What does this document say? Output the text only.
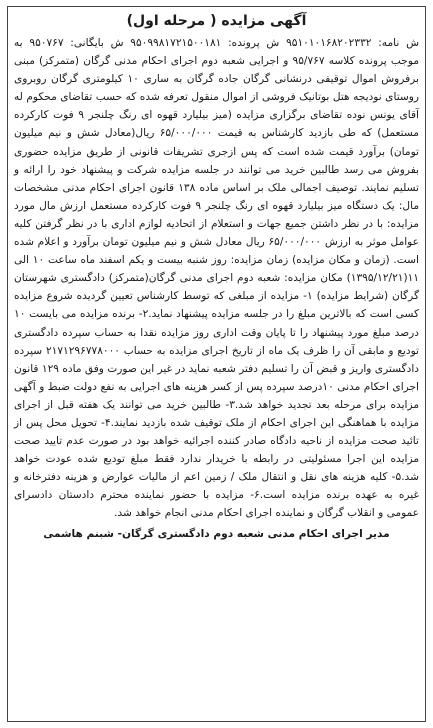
آگهی مزایده ( مرحله اول)

ش نامه: ۹۵۱۰۱۰۱۶۸۲۰۲۳۳۲ ش پرونده: ۹۵۰۹۹۸۱۷۲۱۵۰۰۱۸۱ ش بایگانی: ۹۵۰۷۶۷ به موجب پرونده کلاسه ۹۵/۷۶۷ و اجرایی شعبه دوم اجرای احکام مدنی گرگان (متمرکز) مبنی برفروش اموال توقیفی درنشانی گرگان جاده گرگان به ساری ۱۰ کیلومتری گرگان روبروی روستای نودیجه هتل بوتانیک فروشی از اموال منقول تعرفه شده که حسب تقاضای محکوم له آقای یونس نوده تقاضای برگزاری مزایده (میز بیلیارد قهوه ای رنگ چلنجر ۹ فوت کارکرده مستعمل) که طی بازدید کارشناس به قیمت ۶۵/۰۰۰/۰۰۰ ریال(معادل شش و نیم میلیون تومان) برآورد قیمت شده است که پس ازجری تشریفات قانونی از طریق مزایده حضوری بفروش می رسد طالبین خرید می توانند در جلسه مزایده شرکت و پیشنهاد خود را ارائه و تسلیم نمایند. توصیف اجمالی ملک بر اساس ماده ۱۳۸ قانون اجرای احکام مدنی مشخصات مال: یک دستگاه میز بیلیارد قهوه ای رنگ چلنجر ۹ فوت کارکرده مستعمل ارزش مال مورد مزایده: با در نظر داشتن جمیع جهات و استعلام از اتحادیه لوازم اداری با در نظر گرفتن کلیه عوامل موثر به ارزش ۶۵/۰۰۰/۰۰۰ ریال معادل شش و نیم میلیون تومان برآورد و اعلام شده است. (زمان و مکان مزایده) زمان مزایده: روز شنبه بیست و یکم اسفند ماه ساعت ۱۰ الی ۱۱(۱۳۹۵/۱۲/۲۱) مکان مزایده: شعبه دوم اجرای مدنی گرگان(متمرکز) دادگستری شهرستان گرگان (شرایط مزایده) ۱- مزایده از مبلغی که توسط کارشناس تعیین گردیده شروع مزایده کسی است که بالاترین مبلغ را در جلسه مزایده پیشنهاد نماید.۲- برنده مزایده می بایست ۱۰ درصد مبلغ مورد پیشنهاد را تا پایان وقت اداری روز مزایده نقدا به حساب سپرده دادگستری تودیع و مابقی آن را ظرف یک ماه از تاریخ اجرای مزایده به حساب ۲۱۷۱۲۹۶۷۷۸۰۰۰ سپرده دادگستری واریز و قبض آن را تسلیم دفتر شعبه نماید در غیر این صورت وفق ماده ۱۲۹ قانون اجرای احکام مدنی ۱۰درصد سپرده پس از کسر هزینه های اجرایی به نفع دولت ضبط و آگهی مزایده برای مرحله بعد تجدید خواهد شد.۳- طالبین خرید می توانند یک هفته قبل از اجرای مزایده با هماهنگی این اجرای احکام از ملک توقیف شده بازدید نمایند.۴- تحویل محل پس از تائید صحت مزایده از ناحیه دادگاه صادر کننده اجرائیه خواهد بود در صورت عدم تایید صحت مزایده این اجرا مسئولیتی در رابطه با خریدار ندارد فقط مبلغ تودیع شده عودت خواهد شد.۵- کلیه هزینه های نقل و انتقال ملک / زمین اعم از مالیات عوارض و هزینه دفترخانه و غیره به عهده برنده مزایده است.۶- مزایده با حضور نماینده محترم دادستان دادسرای عمومی و انقلاب گرگان و نماینده اجرای احکام مدنی انجام خواهد شد.

مدیر اجرای احکام مدنی شعبه دوم دادگستری گرگان- شبنم هاشمی
